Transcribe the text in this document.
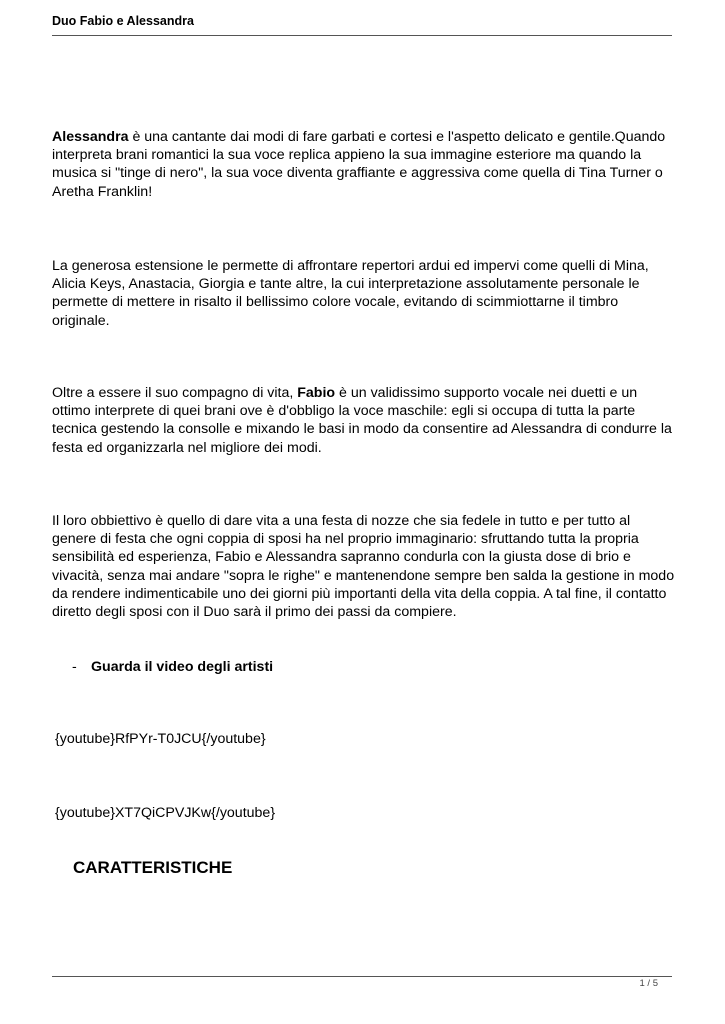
Duo Fabio e Alessandra

Alessandra è una cantante dai modi di fare garbati e cortesi e l'aspetto delicato e gentile.Quando interpreta brani romantici la sua voce replica appieno la sua immagine esteriore ma quando la musica si "tinge di nero", la sua voce diventa graffiante e aggressiva come quella di Tina Turner o Aretha Franklin!

La generosa estensione le permette di affrontare repertori ardui ed impervi come quelli di Mina, Alicia Keys, Anastacia, Giorgia e tante altre, la cui interpretazione assolutamente personale le permette di mettere in risalto il bellissimo colore vocale, evitando di scimmiottarne il timbro originale.

Oltre a essere il suo compagno di vita, Fabio è un validissimo supporto vocale nei duetti e un ottimo interprete di quei brani ove è d'obbligo la voce maschile: egli si occupa di tutta la parte tecnica gestendo la consolle e mixando le basi in modo da consentire ad Alessandra di condurre la festa ed organizzarla nel migliore dei modi.

Il loro obbiettivo è quello di dare vita a una festa di nozze che sia fedele in tutto e per tutto al genere di festa che ogni coppia di sposi ha nel proprio immaginario: sfruttando tutta la propria sensibilità ed esperienza, Fabio e Alessandra sapranno condurla con la giusta dose di brio e vivacità, senza mai andare "sopra le righe" e mantenendone sempre ben salda la gestione in modo da rendere indimenticabile uno dei giorni più importanti della vita della coppia. A tal fine, il contatto diretto degli sposi con il Duo sarà il primo dei passi da compiere.

- Guarda il video degli artisti
{youtube}RfPYr-T0JCU{/youtube}
{youtube}XT7QiCPVJKw{/youtube}
CARATTERISTICHE
1 / 5
